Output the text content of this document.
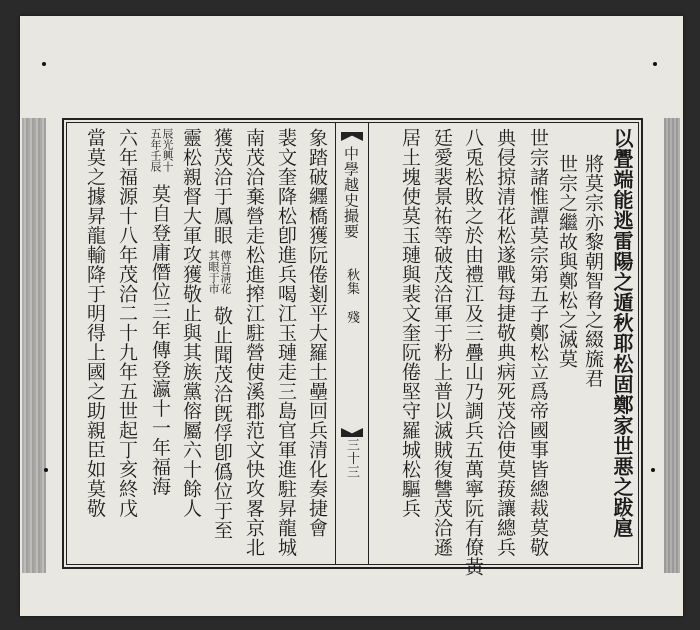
以舋端能逃雷陽之遁秋耶松固鄭家世悪之跋扈
將莫宗亦黎朝智脅之綴旒君
世宗之繼故與鄭松之滅莫
世宗諸惟譚莫宗第五子鄭松立爲帝國事皆總裁莫敬
典侵掠清花松遂戰每捷敬典病死茂洽使莫菝讓總兵
八兎松敗之於由禮江及三疊山乃調兵五萬寧阮有僚黃
廷愛裴景祐等破茂洽軍于粉上普以滅賊復讐茂洽遜
居土塊使莫玉璉與裴文奎阮倦堅守羅城松驅兵
中學越史撮要
秋集 殘
三十三
象踏破纒橋獲阮倦剗平大羅土壘回兵清化奏捷會
裴文奎降松卽進兵喝江玉璉走三島官軍進駐昇龍城
南茂洽棄營走松進搾江駐營使溪郡范文快攻畧京北
獲茂洽于鳳眼
傳首淸花
其眼于市
敬止聞茂洽旣俘卽僞位于至
靈松親督大軍攻獲敬止與其族黨傛屬六十餘人
辰光興十
五年壬辰
莫自登庸僭位三年傳登瀛十一年福海
六年福源十八年茂洽二十九年五世起丁亥終戊
當莫之據昇龍輸降于明得上國之助親臣如莫敬
